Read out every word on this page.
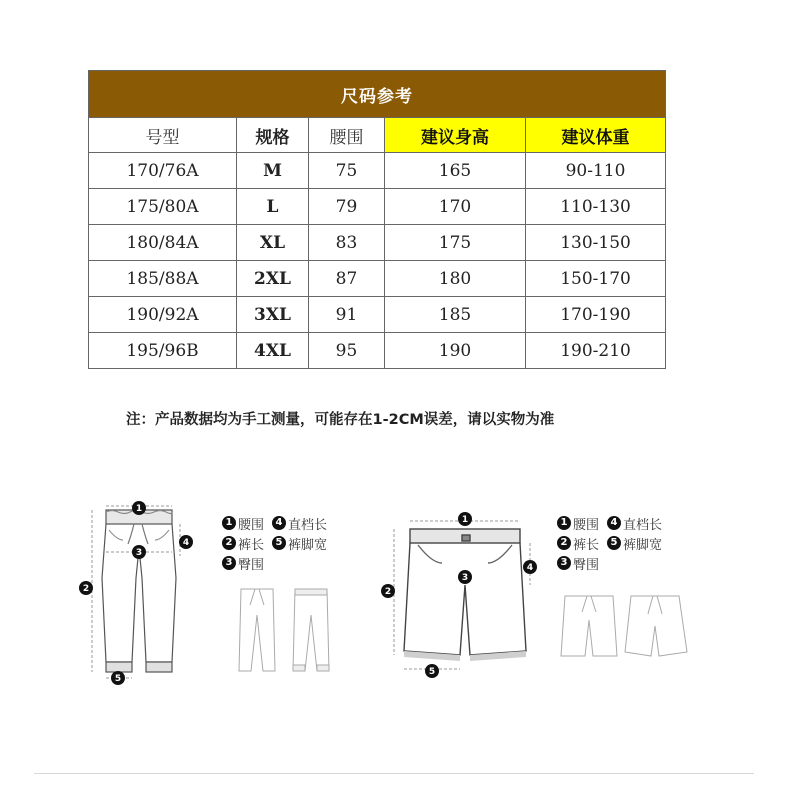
尺码参考				
号型	规格	腰围	建议身高	建议体重
170/76A	M	75	165	90-110
175/80A	L	79	170	110-130
180/84A	XL	83	175	130-150
185/88A	2XL	87	180	150-170
190/92A	3XL	91	185	170-190
195/96B	4XL	95	190	190-210
注：产品数据均为手工测量，可能存在1-2CM误差，请以实物为准
1
2
3
4
5
1 腰围	4 直档长
2 裤长	5 裤脚宽
3 臀围
1
2
3
4
5
1 腰围	4 直档长
2 裤长	5 裤脚宽
3 臀围
